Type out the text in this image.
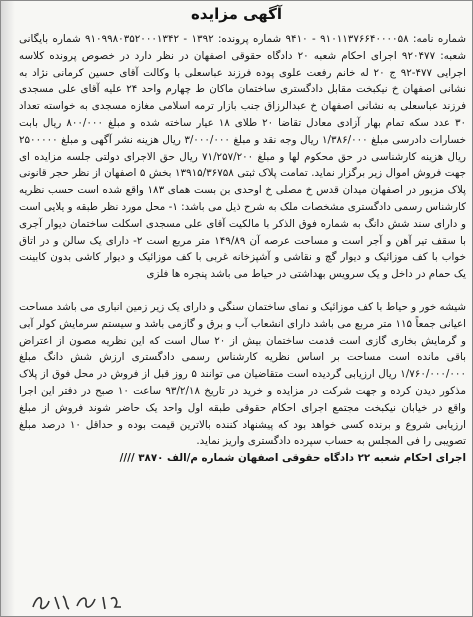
آگهی مزایده

شماره نامه: ۹۱۰۱۱۳۷۶۶۴۰۰۰۰۵۸ - ۹۴۱۰ شماره پرونده: ۱۳۹۲ - ۹۱۰۹۹۸۰۳۵۲۰۰۰۱۳۴۲ شماره بایگانی شعبه: ۹۲۰۴۷۷ اجرای احکام شعبه ۲۰ دادگاه حقوقی اصفهان در نظر دارد در خصوص پرونده کلاسه اجرایی ۴۷۷-۹۲ ج ۲۰ له خانم رفعت علوی پوده فرزند عباسعلی با وکالت آقای حسین کرمانی نژاد به نشانی اصفهان خ نیکبخت مقابل دادگستری ساختمان ماکان ط چهارم واحد ۲۴ علیه آقای علی مسجدی فرزند عباسعلی به نشانی اصفهان خ عبدالرزاق جنب بازار ترمه اسلامی مغازه مسجدی به خواسته تعداد ۳۰ عدد سکه تمام بهار آزادی معادل تقاضا ۲۰ طلای ۱۸ عیار ساخته شده و مبلغ ۸۰۰/۰۰۰ ریال بابت خسارات دادرسی مبلغ ۱/۳۸۶/۰۰۰ ریال وجه نقد و مبلغ ۳/۰۰۰/۰۰۰ ریال هزینه نشر آگهی و مبلغ ۲۵۰۰۰۰۰ ریال هزینه کارشناسی در حق محکوم لها و مبلغ ۷۱/۲۵۷/۲۰۰ ریال حق الاجرای دولتی جلسه مزایده ای جهت فروش اموال زیر برگزار نماید. تمامت پلاک ثبتی ۱۳۹۱۵/۳۶۷۵۸ بخش ۵ اصفهان از نظر حجر قانونی پلاک مزبور در اصفهان میدان قدس خ مصلی خ اوحدی بن بست همای ۱۸۳ واقع شده است حسب نظریه کارشناس رسمی دادگستری مشخصات ملک به شرح ذیل می باشد: ۱- محل مورد نظر طبقه و یلایی است و دارای سند شش دانگ به شماره فوق الذکر با مالکیت آقای علی مسجدی اسکلت ساختمان دیوار آجری با سقف تیر آهن و آجر است و مساحت عرصه آن ۱۴۹/۸۹ متر مربع است ۲- دارای یک سالن و در اتاق خواب با کف موزائیک و دیوار گچ و نقاشی و آشپزخانه غربی با کف موزائیک و دیوار کاشی بدون کابینت یک حمام در داخل و یک سرویس بهداشتی در حیاط می باشد پنجره ها فلزی

شیشه خور و حیاط با کف موزائیک و نمای ساختمان سنگی و دارای یک زیر زمین انباری می باشد مساحت اعیانی جمعاً ۱۱۵ متر مربع می باشد دارای انشعاب آب و برق و گازمی باشد و سیستم سرمایش کولر آبی و گرمایش بخاری گازی است قدمت ساختمان بیش از ۲۰ سال است که این نظریه مصون از اعتراض باقی مانده است مساحت بر اساس نظریه کارشناس رسمی دادگستری ارزش شش دانگ مبلغ ۱/۷۶۰/۰۰۰/۰۰۰ ریال ارزیابی گردیده است متقاضیان می توانند ۵ روز قبل از فروش در محل فوق از پلاک مذکور دیدن کرده و جهت شرکت در مزایده و خرید در تاریخ ۹۳/۲/۱۸ ساعت ۱۰ صبح در دفتر این اجرا واقع در خیابان نیکبخت مجتمع اجرای احکام حقوقی طبقه اول واحد یک حاضر شوند فروش از مبلغ ارزیابی شروع و برنده کسی خواهد بود که پیشنهاد کننده بالاترین قیمت بوده و حداقل ۱۰ درصد مبلغ تصویبی را فی المجلس به حساب سپرده دادگستری واریز نماید.

اجرای احکام شعبه ۲۲ دادگاه حقوقی اصفهان شماره م/الف ۳۸۷۰ ////
